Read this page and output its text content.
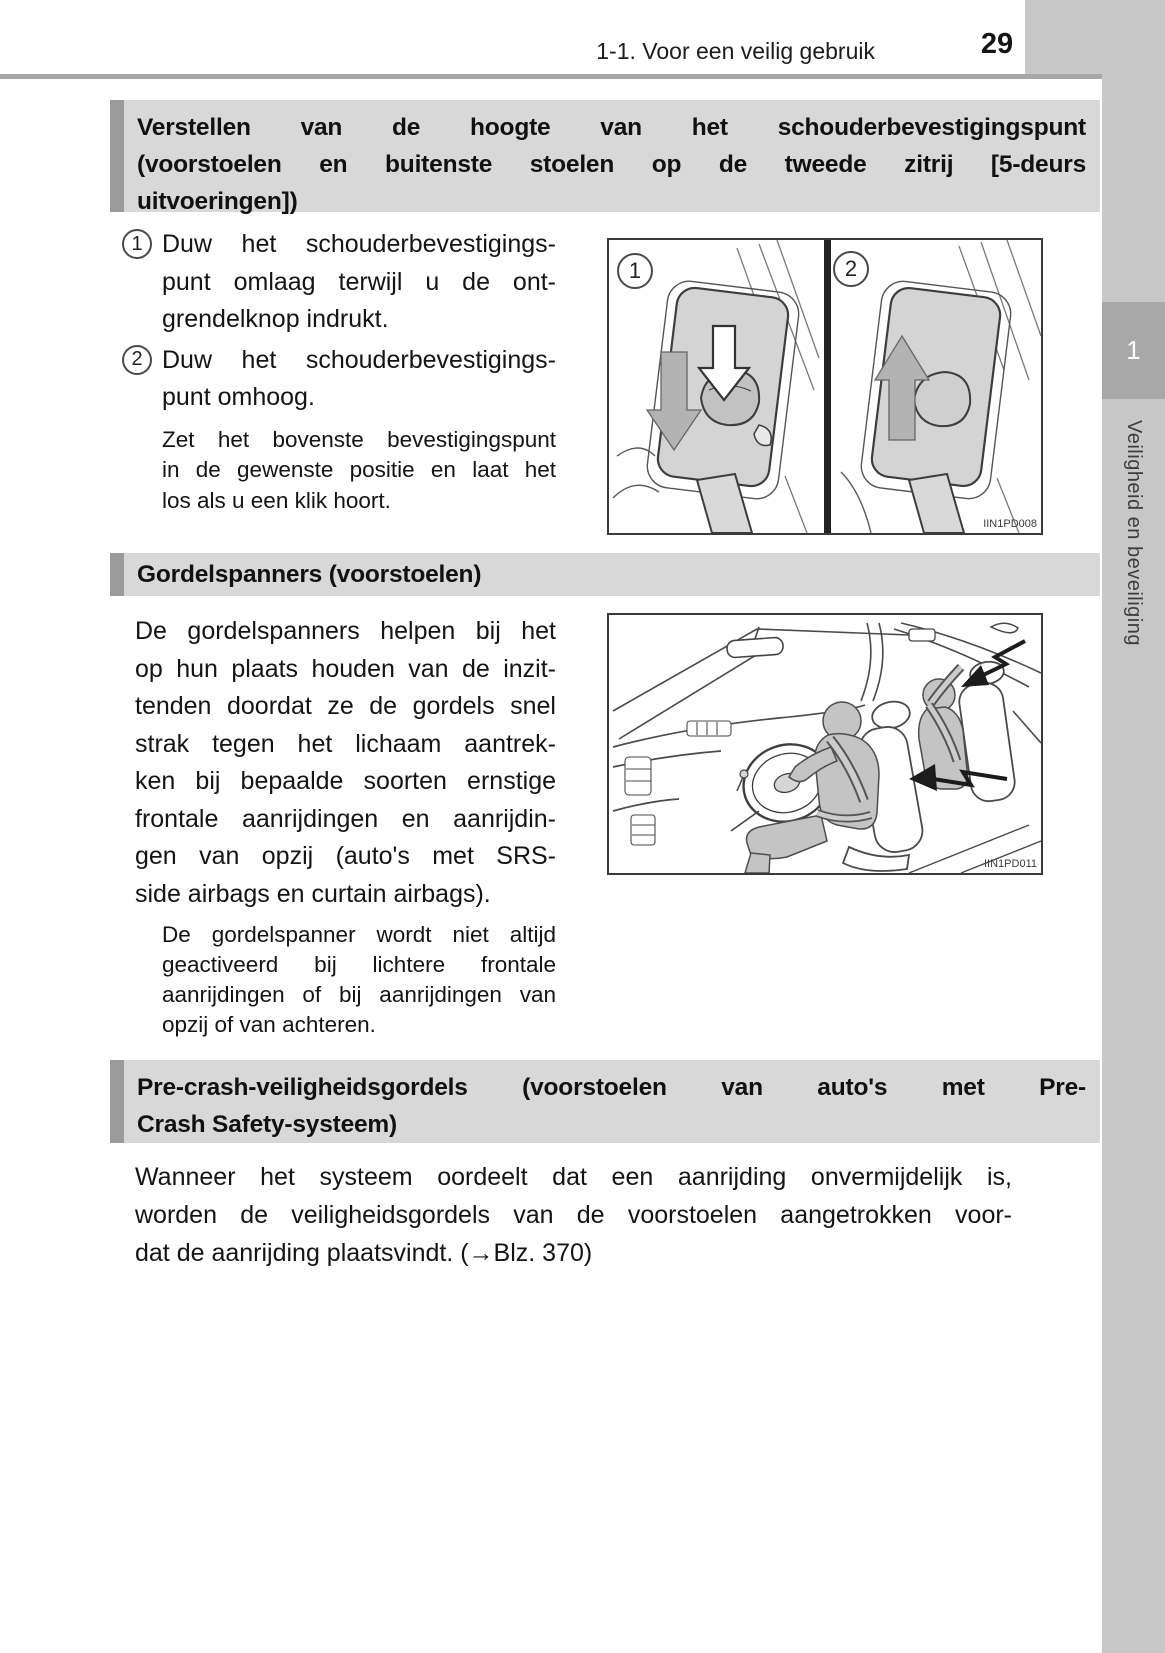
1-1. Voor een veilig gebruik	29
1
Veiligheid en beveiliging
Verstellen van de hoogte van het schouderbevestigingspunt
(voorstoelen en buitenste stoelen op de tweede zitrij [5-deurs
uitvoeringen])
1 Duw het schouderbevestigings-
punt omlaag terwijl u de ont-
grendelknop indrukt.
2 Duw het schouderbevestigings-
punt omhoog.
Zet het bovenste bevestigingspunt
in de gewenste positie en laat het
los als u een klik hoort.
1	2
IIN1PD008
Gordelspanners (voorstoelen)
De gordelspanners helpen bij het
op hun plaats houden van de inzit-
tenden doordat ze de gordels snel
strak tegen het lichaam aantrek-
ken bij bepaalde soorten ernstige
frontale aanrijdingen en aanrijdin-
gen van opzij (auto's met SRS-
side airbags en curtain airbags).
De gordelspanner wordt niet altijd
geactiveerd bij lichtere frontale
aanrijdingen of bij aanrijdingen van
opzij of van achteren.
IIN1PD011
Pre-crash-veiligheidsgordels (voorstoelen van auto's met Pre-
Crash Safety-systeem)
Wanneer het systeem oordeelt dat een aanrijding onvermijdelijk is,
worden de veiligheidsgordels van de voorstoelen aangetrokken voor-
dat de aanrijding plaatsvindt. (→Blz. 370)
